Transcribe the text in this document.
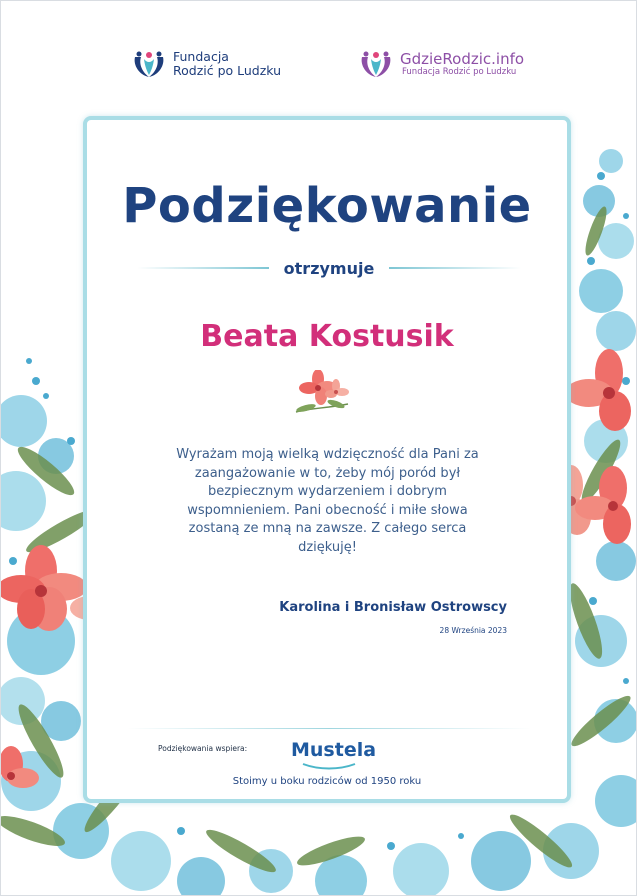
Fundacja
Rodzić po Ludzku
GdzieRodzic.info
Fundacja Rodzić po Ludzku
Podziękowanie
otrzymuje
Beata Kostusik
Wyrażam moją wielką wdzięczność dla Pani za zaangażowanie w to, żeby mój poród był bezpiecznym wydarzeniem i dobrym wspomnieniem. Pani obecność i miłe słowa zostaną ze mną na zawsze. Z całego serca dziękuję!
Karolina i Bronisław Ostrowscy
28 Września 2023
Podziękowania wspiera: Mustela
Stoimy u boku rodziców od 1950 roku
